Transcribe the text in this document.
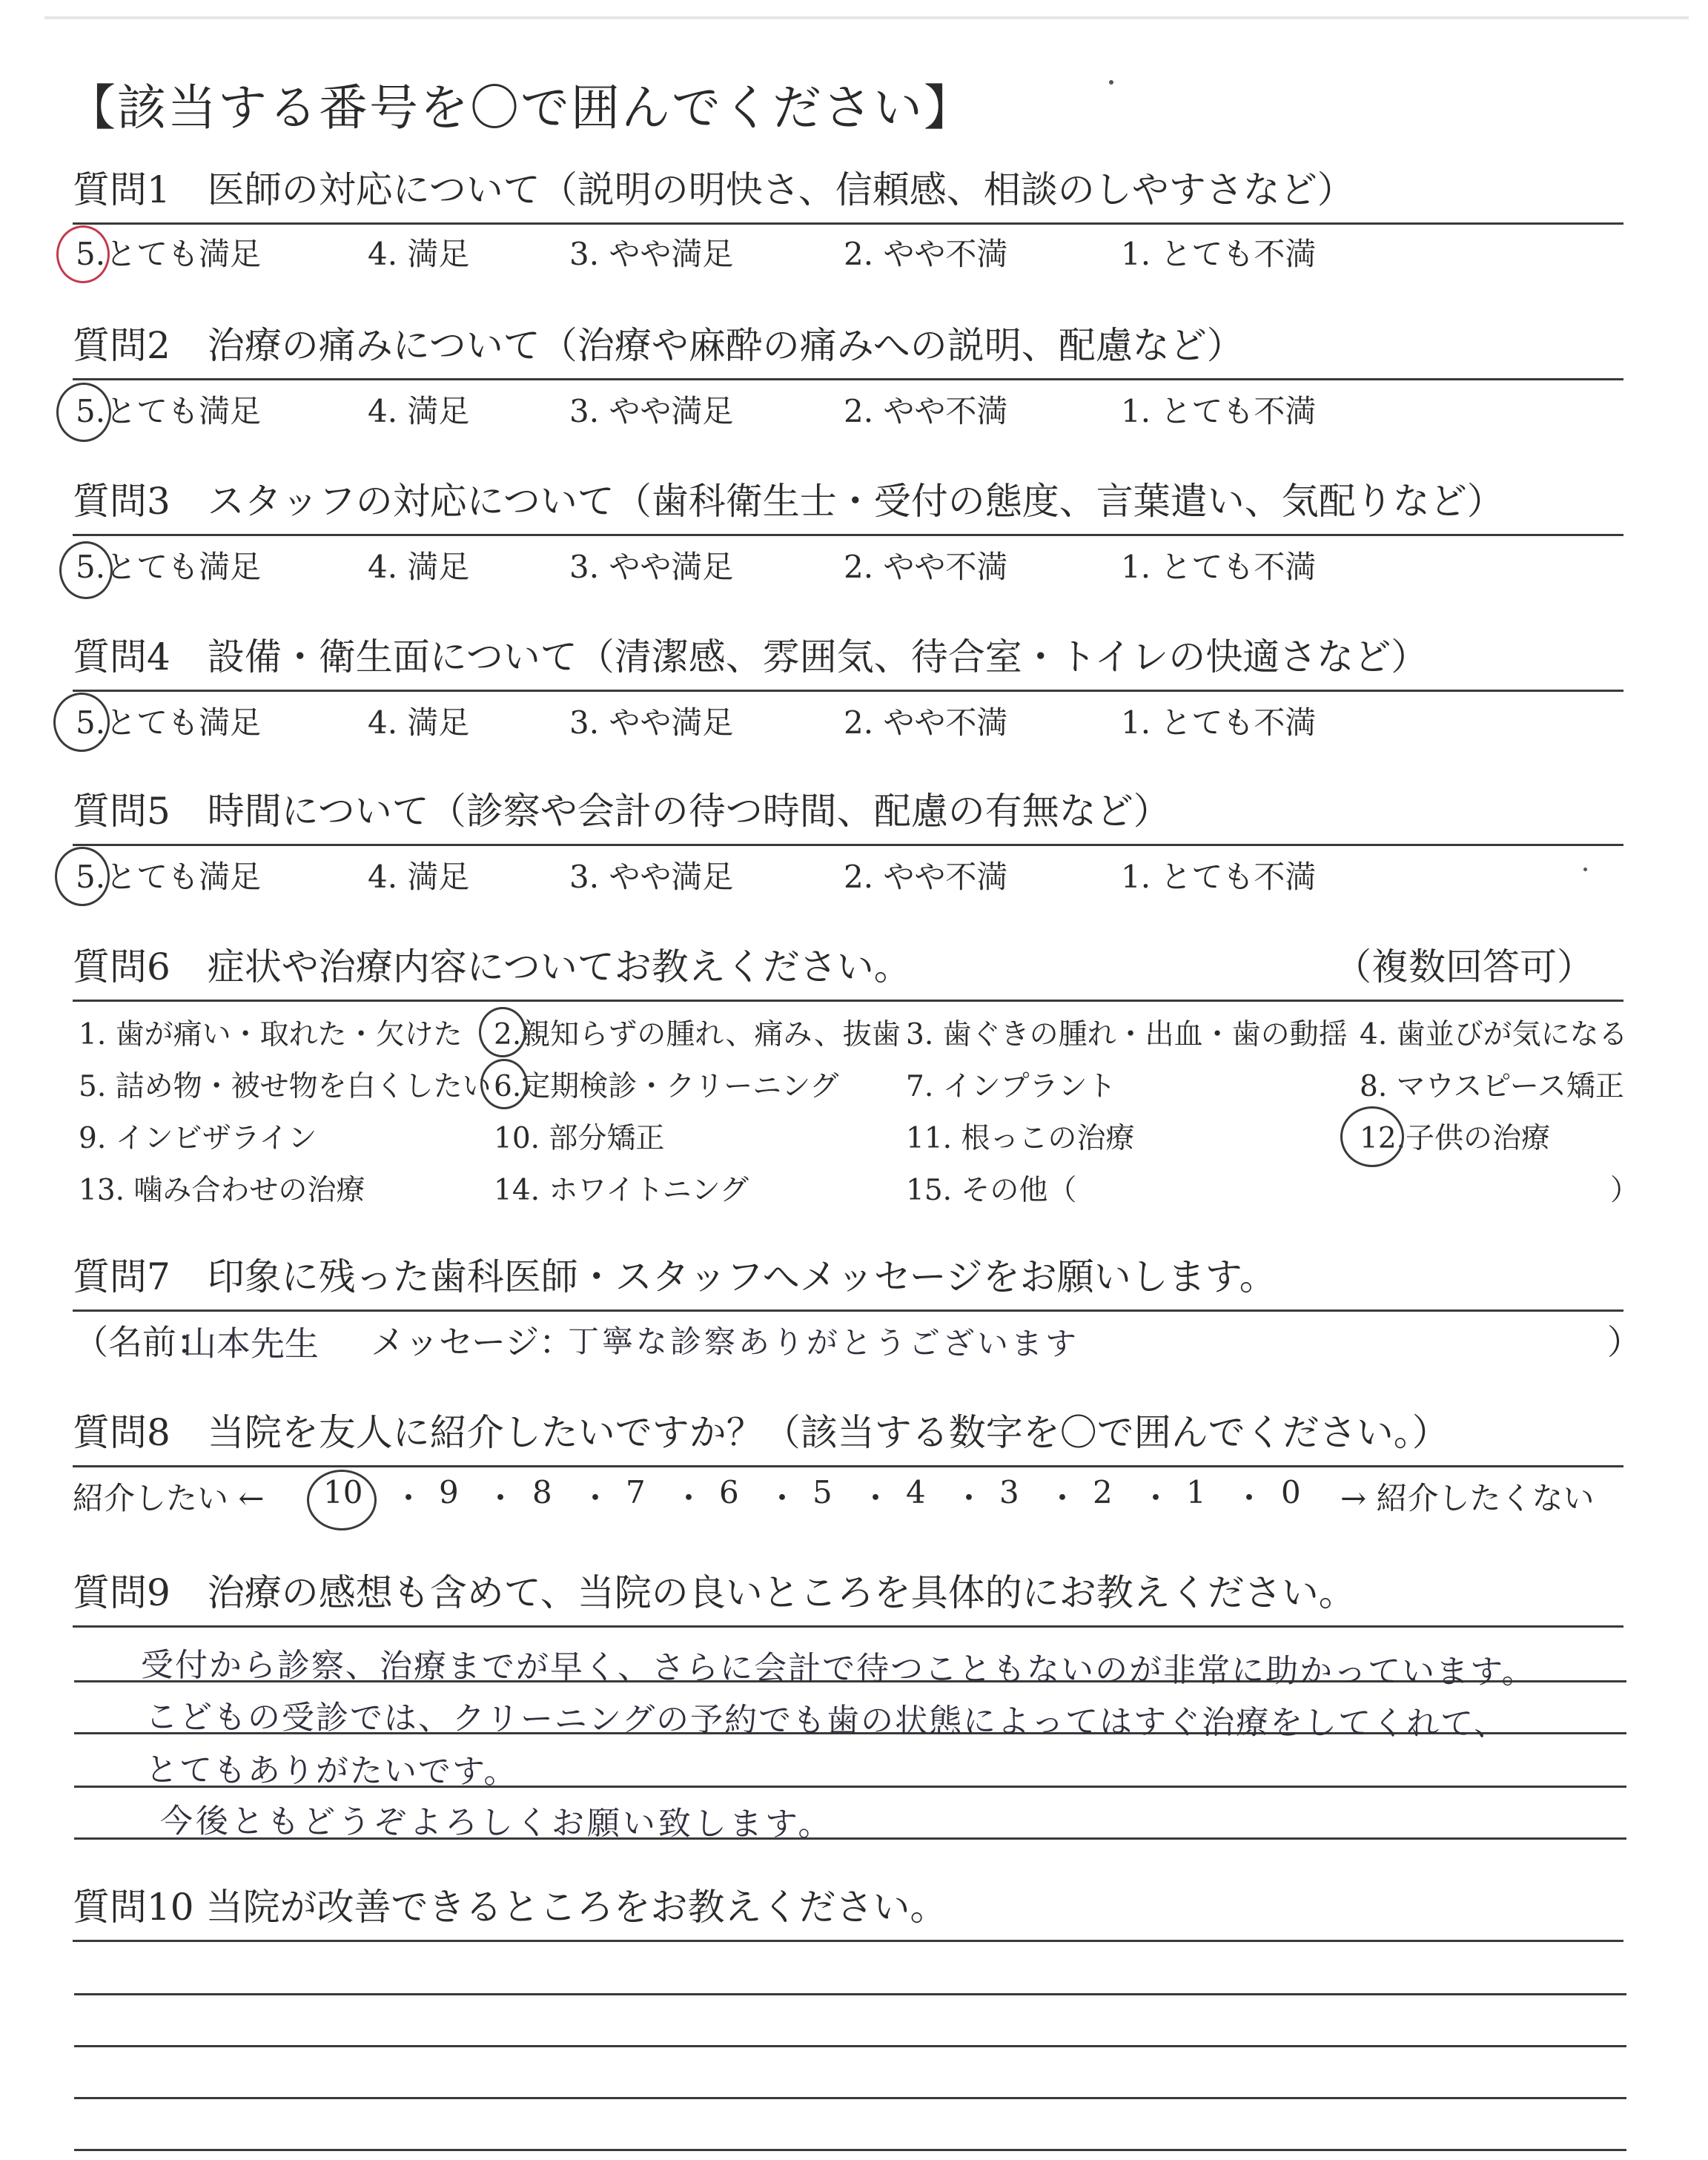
【該当する番号を〇で囲んでください】
質問1　医師の対応について（説明の明快さ、信頼感、相談のしやすさなど）
5.とても満足	4. 満足	3. やや満足	2. やや不満	1. とても不満
質問2　治療の痛みについて（治療や麻酔の痛みへの説明、配慮など）
5.とても満足	4. 満足	3. やや満足	2. やや不満	1. とても不満
質問3　スタッフの対応について（歯科衛生士・受付の態度、言葉遣い、気配りなど）
5.とても満足	4. 満足	3. やや満足	2. やや不満	1. とても不満
質問4　設備・衛生面について（清潔感、雰囲気、待合室・トイレの快適さなど）
5.とても満足	4. 満足	3. やや満足	2. やや不満	1. とても不満
質問5　時間について（診察や会計の待つ時間、配慮の有無など）
5.とても満足	4. 満足	3. やや満足	2. やや不満	1. とても不満
質問6　症状や治療内容についてお教えください。	（複数回答可）
1. 歯が痛い・取れた・欠けた 2.親知らずの腫れ、痛み、抜歯 3. 歯ぐきの腫れ・出血・歯の動揺 4. 歯並びが気になる
5. 詰め物・被せ物を白くしたい 6.定期検診・クリーニング 7. インプラント	8. マウスピース矯正
9. インビザライン	10. 部分矯正	11. 根っこの治療	12.子供の治療
13. 噛み合わせの治療	14. ホワイトニング	15. その他（	）
質問7　印象に残った歯科医師・スタッフへメッセージをお願いします。
（名前：
山本先生 メッセージ：
丁寧な診察ありがとうございます	）
質問8　当院を友人に紹介したいですか？（該当する数字を〇で囲んでください。）
紹介したい ← 10 ・ 9 ・ 8 ・ 7 ・ 6 ・ 5 ・ 4 ・ 3 ・ 2 ・ 1 ・ 0 → 紹介したくない
質問9　治療の感想も含めて、当院の良いところを具体的にお教えください。
受付から診察、治療までが早く、さらに会計で待つこともないのが非常に助かっています。
こどもの受診では、クリーニングの予約でも歯の状態によってはすぐ治療をしてくれて、
とてもありがたいです。
今後ともどうぞよろしくお願い致します。
質問10 当院が改善できるところをお教えください。
